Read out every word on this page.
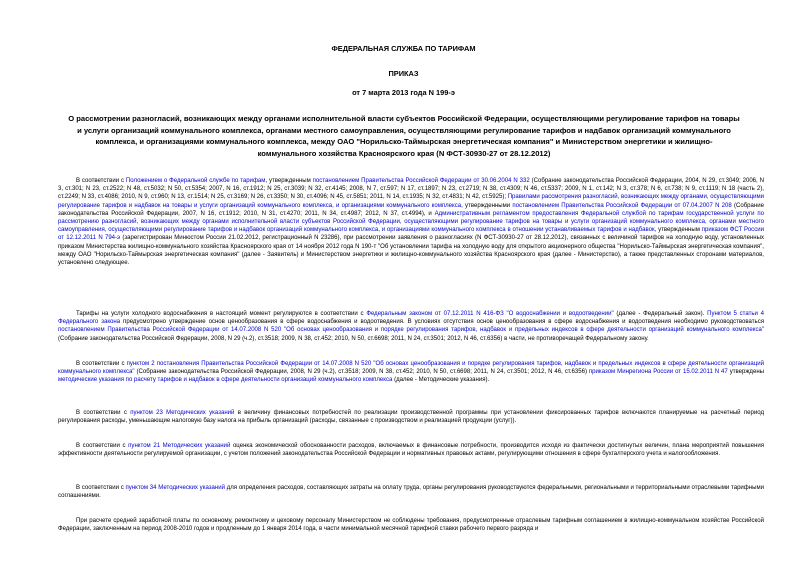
ФЕДЕРАЛЬНАЯ СЛУЖБА ПО ТАРИФАМ
ПРИКАЗ
от 7 марта 2013 года N 199-э
О рассмотрении разногласий, возникающих между органами исполнительной власти субъектов Российской Федерации, осуществляющими регулирование тарифов на товары и услуги организаций коммунального комплекса, органами местного самоуправления, осуществляющими регулирование тарифов и надбавок организаций коммунального комплекса, и организациями коммунального комплекса, между ОАО "Норильско-Таймырская энергетическая компания" и Министерством энергетики и жилищно-коммунального хозяйства Красноярского края (N ФСТ-30930-27 от 28.12.2012)
В соответствии с Положением о Федеральной службе по тарифам, утвержденным постановлением Правительства Российской Федерации от 30.06.2004 N 332 (Собрание законодательства Российской Федерации, 2004, N 29, ст.3049; 2006, N 3, ст.301; N 23, ст.2522; N 48, ст.5032; N 50, ст.5354; 2007, N 16, ст.1912; N 25, ст.3039; N 32, ст.4145; 2008, N 7, ст.597; N 17, ст.1897; N 23, ст.2719; N 38, ст.4309; N 46, ст.5337; 2009, N 1, ст.142; N 3, ст.378; N 6, ст.738; N 9, ст.1119; N 18 (часть 2), ст.2249; N 33, ст.4086; 2010, N 9, ст.960; N 13, ст.1514; N 25, ст.3169; N 26, ст.3350; N 30, ст.4096; N 45, ст.5851; 2011, N 14, ст.1935; N 32, ст.4831; N 42, ст.5925); Правилами рассмотрения разногласий, возникающих между органами, осуществляющими регулирование тарифов и надбавок на товары и услуги организаций коммунального комплекса, и организациями коммунального комплекса, утвержденными постановлением Правительства Российской Федерации от 07.04.2007 N 208 (Собрание законодательства Российской Федерации, 2007, N 16, ст.1912; 2010, N 31, ст.4270; 2011, N 34, ст.4987; 2012, N 37, ст.4994), и Административным регламентом предоставления Федеральной службой по тарифам государственной услуги по рассмотрению разногласий, возникающих между органами исполнительной власти субъектов Российской Федерации, осуществляющими регулирование тарифов на товары и услуги организаций коммунального комплекса, органами местного самоуправления, осуществляющими регулирование тарифов и надбавок организаций коммунального комплекса, и организациями коммунального комплекса в отношении устанавливаемых тарифов и надбавок, утвержденным приказом ФСТ России от 12.12.2011 N 794-э (зарегистрирован Минюстом России 21.02.2012, регистрационный N 23286), при рассмотрении заявления о разногласиях (N ФСТ-30930-27 от 28.12.2012), связанных с величиной тарифов на холодную воду, установленных приказом Министерства жилищно-коммунального хозяйства Красноярского края от 14 ноября 2012 года N 190-т "Об установлении тарифа на холодную воду для открытого акционерного общества "Норильско-Таймырская энергетическая компания", между ОАО "Норильско-Таймырская энергетическая компания" (далее - Заявитель) и Министерством энергетики и жилищно-коммунального хозяйства Красноярского края (далее - Министерство), а также представленных сторонами материалов, установлено следующее.
Тарифы на услуги холодного водоснабжения в настоящий момент регулируются в соответствии с Федеральным законом от 07.12.2011 N 416-ФЗ "О водоснабжении и водоотведении" (далее - Федеральный закон). Пунктом 5 статьи 4 Федерального закона предусмотрено утверждение основ ценообразования в сфере водоснабжения и водоотведения. В условиях отсутствия основ ценообразования в сфере водоснабжения и водоотведения необходимо руководствоваться постановлением Правительства Российской Федерации от 14.07.2008 N 520 "Об основах ценообразования и порядке регулирования тарифов, надбавок и предельных индексов в сфере деятельности организаций коммунального комплекса" (Собрание законодательства Российской Федерации, 2008, N 29 (ч.2), ст.3518; 2009, N 38, ст.452; 2010, N 50, ст.6698; 2011, N 24, ст.3501; 2012, N 46, ст.6356) в части, не противоречащей Федеральному закону.
В соответствии с пунктом 2 постановления Правительства Российской Федерации от 14.07.2008 N 520 "Об основах ценообразования и порядке регулирования тарифов, надбавок и предельных индексов в сфере деятельности организаций коммунального комплекса" (Собрание законодательства Российской Федерации, 2008, N 29 (ч.2), ст.3518; 2009, N 38, ст.452; 2010, N 50, ст.6698; 2011, N 24, ст.3501; 2012, N 46, ст.6356) приказом Минрегиона России от 15.02.2011 N 47 утверждены методические указания по расчету тарифов и надбавок в сфере деятельности организаций коммунального комплекса (далее - Методические указания).
В соответствии с пунктом 23 Методических указаний в величину финансовых потребностей по реализации производственной программы при установлении фиксированных тарифов включаются планируемые на расчетный период регулирования расходы, уменьшающие налоговую базу налога на прибыль организаций (расходы, связанные с производством и реализацией продукции (услуг)).
В соответствии с пунктом 21 Методических указаний оценка экономической обоснованности расходов, включаемых в финансовые потребности, производится исходя из фактически достигнутых величин, плана мероприятий повышения эффективности деятельности регулируемой организации, с учетом положений законодательства Российской Федерации и нормативных правовых актами, регулирующими отношения в сфере бухгалтерского учета и налогообложения.
В соответствии с пунктом 34 Методических указаний для определения расходов, составляющих затраты на оплату труда, органы регулирования руководствуются федеральными, региональными и территориальными отраслевыми тарифными соглашениями.
При расчете средней заработной платы по основному, ремонтному и цеховому персоналу Министерством не соблюдены требования, предусмотренные отраслевым тарифным соглашением в жилищно-коммунальном хозяйстве Российской Федерации, заключенным на период 2008-2010 годов и продленным до 1 января 2014 года, в части минимальной месячной тарифной ставки рабочего первого разряда и
